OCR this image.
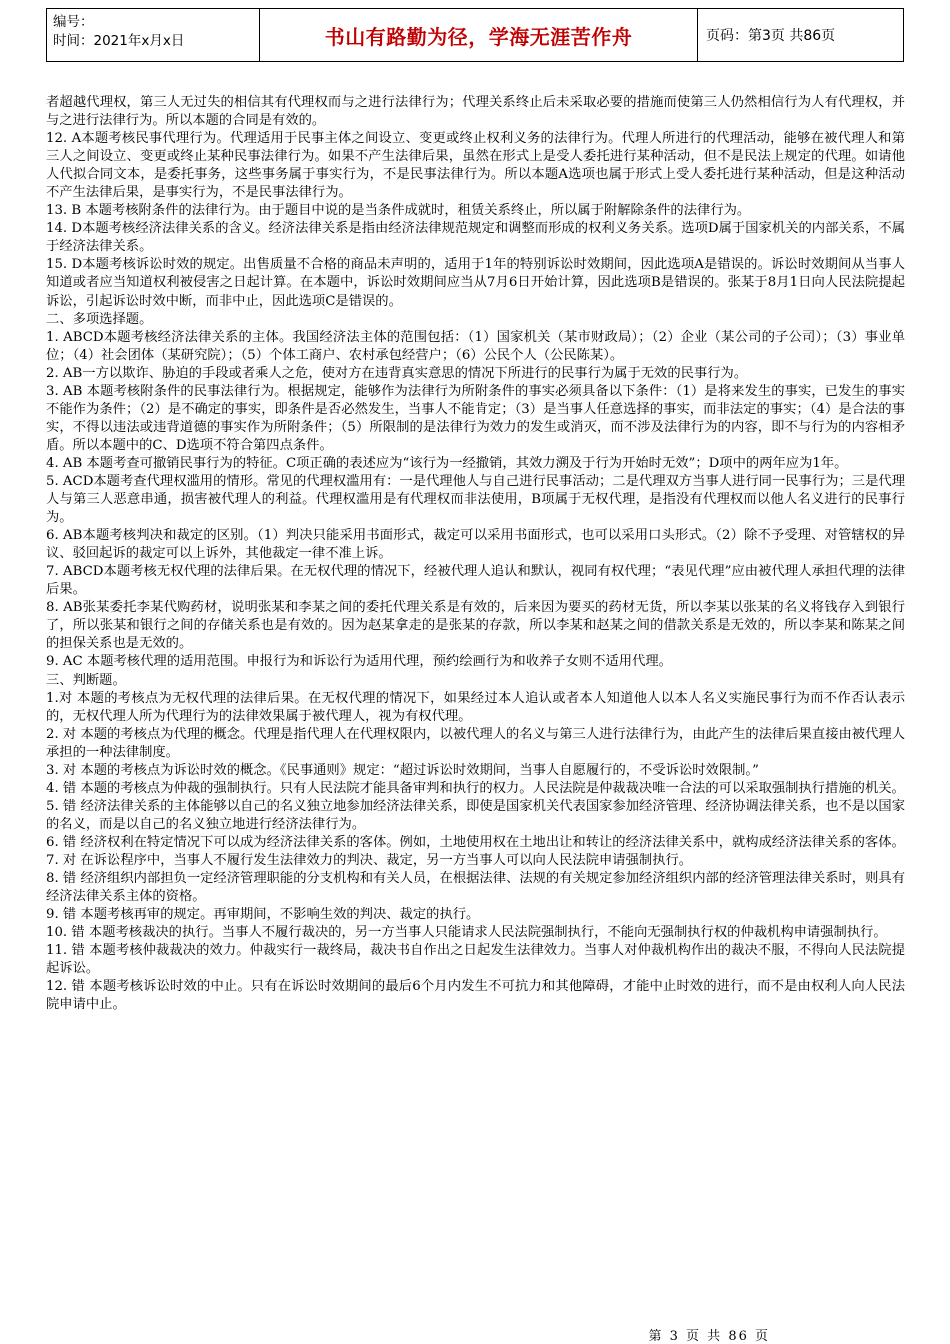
编号：
时间：2021年x月x日	书山有路勤为径，学海无涯苦作舟	页码：第3页 共86页

者超越代理权，第三人无过失的相信其有代理权而与之进行法律行为；代理关系终止后未采取必要的措施而使第三人仍然相信行为人有代理权，并与之进行法律行为。所以本题的合同是有效的。

12. A本题考核民事代理行为。代理适用于民事主体之间设立、变更或终止权利义务的法律行为。代理人所进行的代理活动，能够在被代理人和第三人之间设立、变更或终止某种民事法律行为。如果不产生法律后果，虽然在形式上是受人委托进行某种活动，但不是民法上规定的代理。如请他人代拟合同文本，是委托事务，这些事务属于事实行为，不是民事法律行为。所以本题A选项也属于形式上受人委托进行某种活动，但是这种活动不产生法律后果，是事实行为，不是民事法律行为。

13. B 本题考核附条件的法律行为。由于题目中说的是当条件成就时，租赁关系终止，所以属于附解除条件的法律行为。

14. D本题考核经济法律关系的含义。经济法律关系是指由经济法律规范规定和调整而形成的权利义务关系。选项D属于国家机关的内部关系，不属于经济法律关系。

15. D本题考核诉讼时效的规定。出售质量不合格的商品未声明的，适用于1年的特别诉讼时效期间，因此选项A是错误的。诉讼时效期间从当事人知道或者应当知道权利被侵害之日起计算。在本题中，诉讼时效期间应当从7月6日开始计算，因此选项B是错误的。张某于8月1日向人民法院提起诉讼，引起诉讼时效中断，而非中止，因此选项C是错误的。

二、多项选择题。

1. ABCD本题考核经济法律关系的主体。我国经济法主体的范围包括：（1）国家机关（某市财政局）；（2）企业（某公司的子公司）；（3）事业单位；（4）社会团体（某研究院）；（5）个体工商户、农村承包经营户；（6）公民个人（公民陈某）。

2. AB一方以欺诈、胁迫的手段或者乘人之危，使对方在违背真实意思的情况下所进行的民事行为属于无效的民事行为。

3. AB 本题考核附条件的民事法律行为。根据规定，能够作为法律行为所附条件的事实必须具备以下条件：（1）是将来发生的事实，已发生的事实不能作为条件；（2）是不确定的事实，即条件是否必然发生，当事人不能肯定；（3）是当事人任意选择的事实，而非法定的事实；（4）是合法的事实，不得以违法或违背道德的事实作为所附条件；（5）所限制的是法律行为效力的发生或消灭，而不涉及法律行为的内容，即不与行为的内容相矛盾。所以本题中的C、D选项不符合第四点条件。

4. AB 本题考查可撤销民事行为的特征。C项正确的表述应为“该行为一经撤销，其效力溯及于行为开始时无效”；D项中的两年应为1年。

5. ACD本题考查代理权滥用的情形。常见的代理权滥用有：一是代理他人与自己进行民事活动；二是代理双方当事人进行同一民事行为；三是代理人与第三人恶意串通，损害被代理人的利益。代理权滥用是有代理权而非法使用，B项属于无权代理，是指没有代理权而以他人名义进行的民事行为。

6. AB本题考核判决和裁定的区别。（1）判决只能采用书面形式，裁定可以采用书面形式，也可以采用口头形式。（2）除不予受理、对管辖权的异议、驳回起诉的裁定可以上诉外，其他裁定一律不准上诉。

7. ABCD本题考核无权代理的法律后果。在无权代理的情况下，经被代理人追认和默认，视同有权代理；“表见代理”应由被代理人承担代理的法律后果。

8. AB张某委托李某代购药材，说明张某和李某之间的委托代理关系是有效的，后来因为要买的药材无货，所以李某以张某的名义将钱存入到银行了，所以张某和银行之间的存储关系也是有效的。因为赵某拿走的是张某的存款，所以李某和赵某之间的借款关系是无效的，所以李某和陈某之间的担保关系也是无效的。

9. AC 本题考核代理的适用范围。申报行为和诉讼行为适用代理，预约绘画行为和收养子女则不适用代理。

三、判断题。

1.对 本题的考核点为无权代理的法律后果。在无权代理的情况下，如果经过本人追认或者本人知道他人以本人名义实施民事行为而不作否认表示的，无权代理人所为代理行为的法律效果属于被代理人，视为有权代理。

2. 对 本题的考核点为代理的概念。代理是指代理人在代理权限内，以被代理人的名义与第三人进行法律行为，由此产生的法律后果直接由被代理人承担的一种法律制度。

3. 对 本题的考核点为诉讼时效的概念。《民事通则》规定：“超过诉讼时效期间，当事人自愿履行的，不受诉讼时效限制。”

4. 错 本题的考核点为仲裁的强制执行。只有人民法院才能具备审判和执行的权力。人民法院是仲裁裁决唯一合法的可以采取强制执行措施的机关。

5. 错 经济法律关系的主体能够以自己的名义独立地参加经济法律关系，即使是国家机关代表国家参加经济管理、经济协调法律关系，也不是以国家的名义，而是以自己的名义独立地进行经济法律行为。

6. 错 经济权利在特定情况下可以成为经济法律关系的客体。例如，土地使用权在土地出让和转让的经济法律关系中，就构成经济法律关系的客体。

7. 对 在诉讼程序中，当事人不履行发生法律效力的判决、裁定，另一方当事人可以向人民法院申请强制执行。

8. 错 经济组织内部担负一定经济管理职能的分支机构和有关人员，在根据法律、法规的有关规定参加经济组织内部的经济管理法律关系时，则具有经济法律关系主体的资格。

9. 错 本题考核再审的规定。再审期间，不影响生效的判决、裁定的执行。

10. 错 本题考核裁决的执行。当事人不履行裁决的，另一方当事人只能请求人民法院强制执行，不能向无强制执行权的仲裁机构申请强制执行。

11. 错 本题考核仲裁裁决的效力。仲裁实行一裁终局，裁决书自作出之日起发生法律效力。当事人对仲裁机构作出的裁决不服，不得向人民法院提起诉讼。

12. 错 本题考核诉讼时效的中止。只有在诉讼时效期间的最后6个月内发生不可抗力和其他障碍，才能中止时效的进行，而不是由权利人向人民法院申请中止。

第 3 页 共 86 页
